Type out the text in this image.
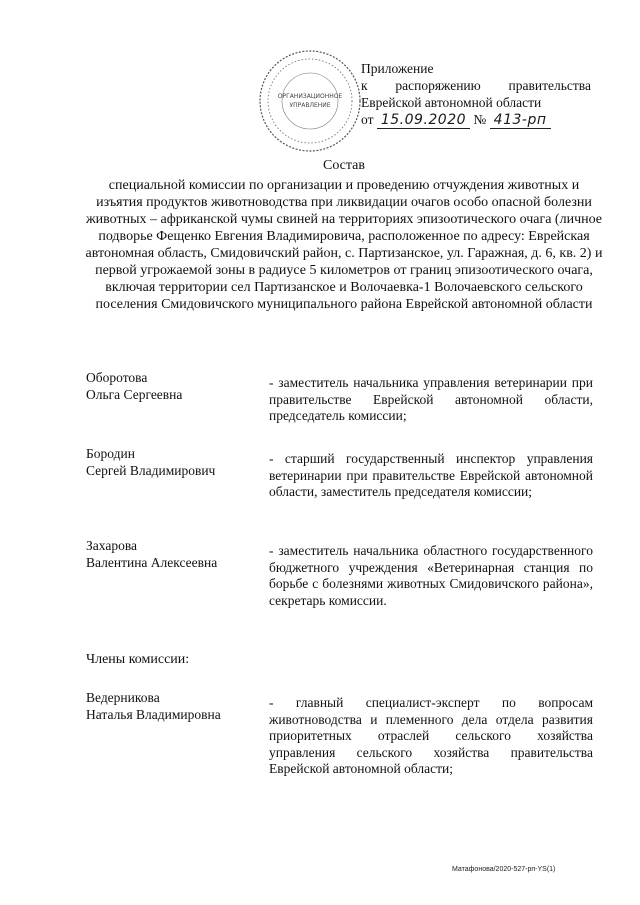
ОРГАНИЗАЦИОННОЕ
УПРАВЛЕНИЕ
Приложение
к распоряжению правительства
Еврейской автономной области
от 15.09.2020 № 413-рп
Состав
специальной комиссии по организации и проведению отчуждения животных и изъятия продуктов животноводства при ликвидации очагов особо опасной болезни животных – африканской чумы свиней на территориях эпизоотического очага (личное подворье Фещенко Евгения Владимировича, расположенное по адресу: Еврейская автономная область, Смидовичский район, с. Партизанское, ул. Гаражная, д. 6, кв. 2) и первой угрожаемой зоны в радиусе 5 километров от границ эпизоотического очага, включая территории сел Партизанское и Волочаевка-1 Волочаевского сельского поселения Смидовичского муниципального района Еврейской автономной области
Оборотова
Ольга Сергеевна
- заместитель начальника управления ветеринарии при правительстве Еврейской автономной области, председатель комиссии;
Бородин
Сергей Владимирович
- старший государственный инспектор управления ветеринарии при правительстве Еврейской автономной области, заместитель председателя комиссии;
Захарова
Валентина Алексеевна
- заместитель начальника областного государственного бюджетного учреждения «Ветеринарная станция по борьбе с болезнями животных Смидовичского района», секретарь комиссии.
Члены комиссии:
Ведерникова
Наталья Владимировна
- главный специалист-эксперт по вопросам животноводства и племенного дела отдела развития приоритетных отраслей сельского хозяйства управления сельского хозяйства правительства Еврейской автономной области;
Матафонова/2020-527-рп-YS(1)
